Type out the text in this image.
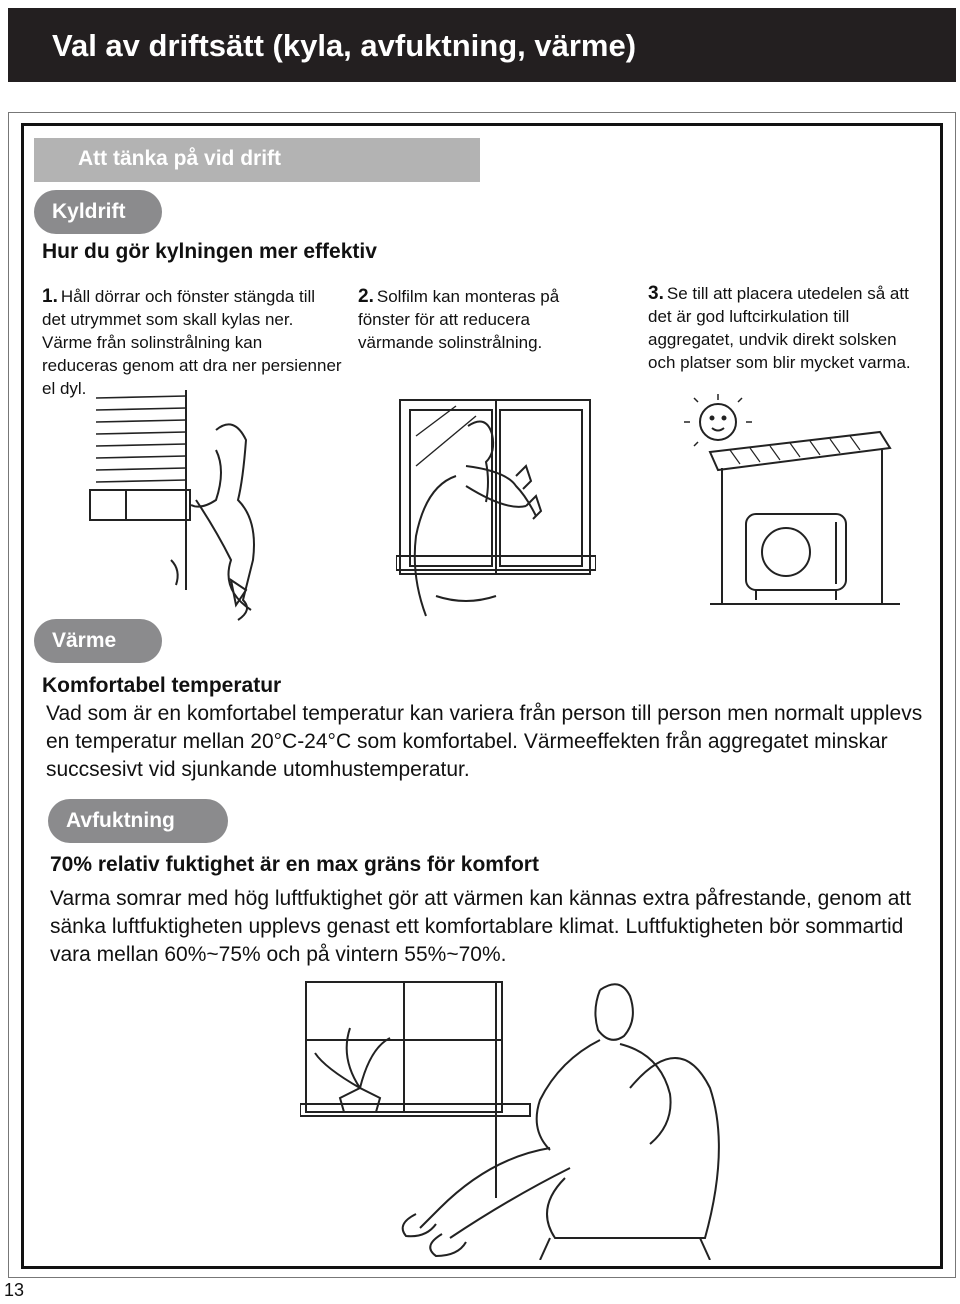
Val av driftsätt (kyla, avfuktning, värme)
Att tänka på vid drift
Kyldrift
Hur du gör kylningen mer effektiv
1. Håll dörrar och fönster stängda till det utrymmet som skall kylas ner. Värme från solinstrålning kan reduceras genom att dra ner persienner el dyl.
2. Solfilm kan monteras på fönster för att reducera värmande solinstrålning.
3. Se till att placera utedelen så att det är god luftcirkulation till aggregatet, undvik direkt solsken och platser som blir mycket varma.
Värme
Komfortabel temperatur
Vad som är en komfortabel temperatur kan variera från person till person men normalt upplevs en temperatur mellan 20°C-24°C som komfortabel. Värmeeffekten från aggregatet minskar succsesivt vid sjunkande utomhustemperatur.
Avfuktning
70% relativ fuktighet är en max gräns för komfort
Varma somrar med hög luftfuktighet gör att värmen kan kännas extra påfrestande, genom att sänka luftfuktigheten upplevs genast ett komfortablare klimat. Luftfuktigheten bör sommartid vara mellan 60%~75% och på vintern 55%~70%.
13
